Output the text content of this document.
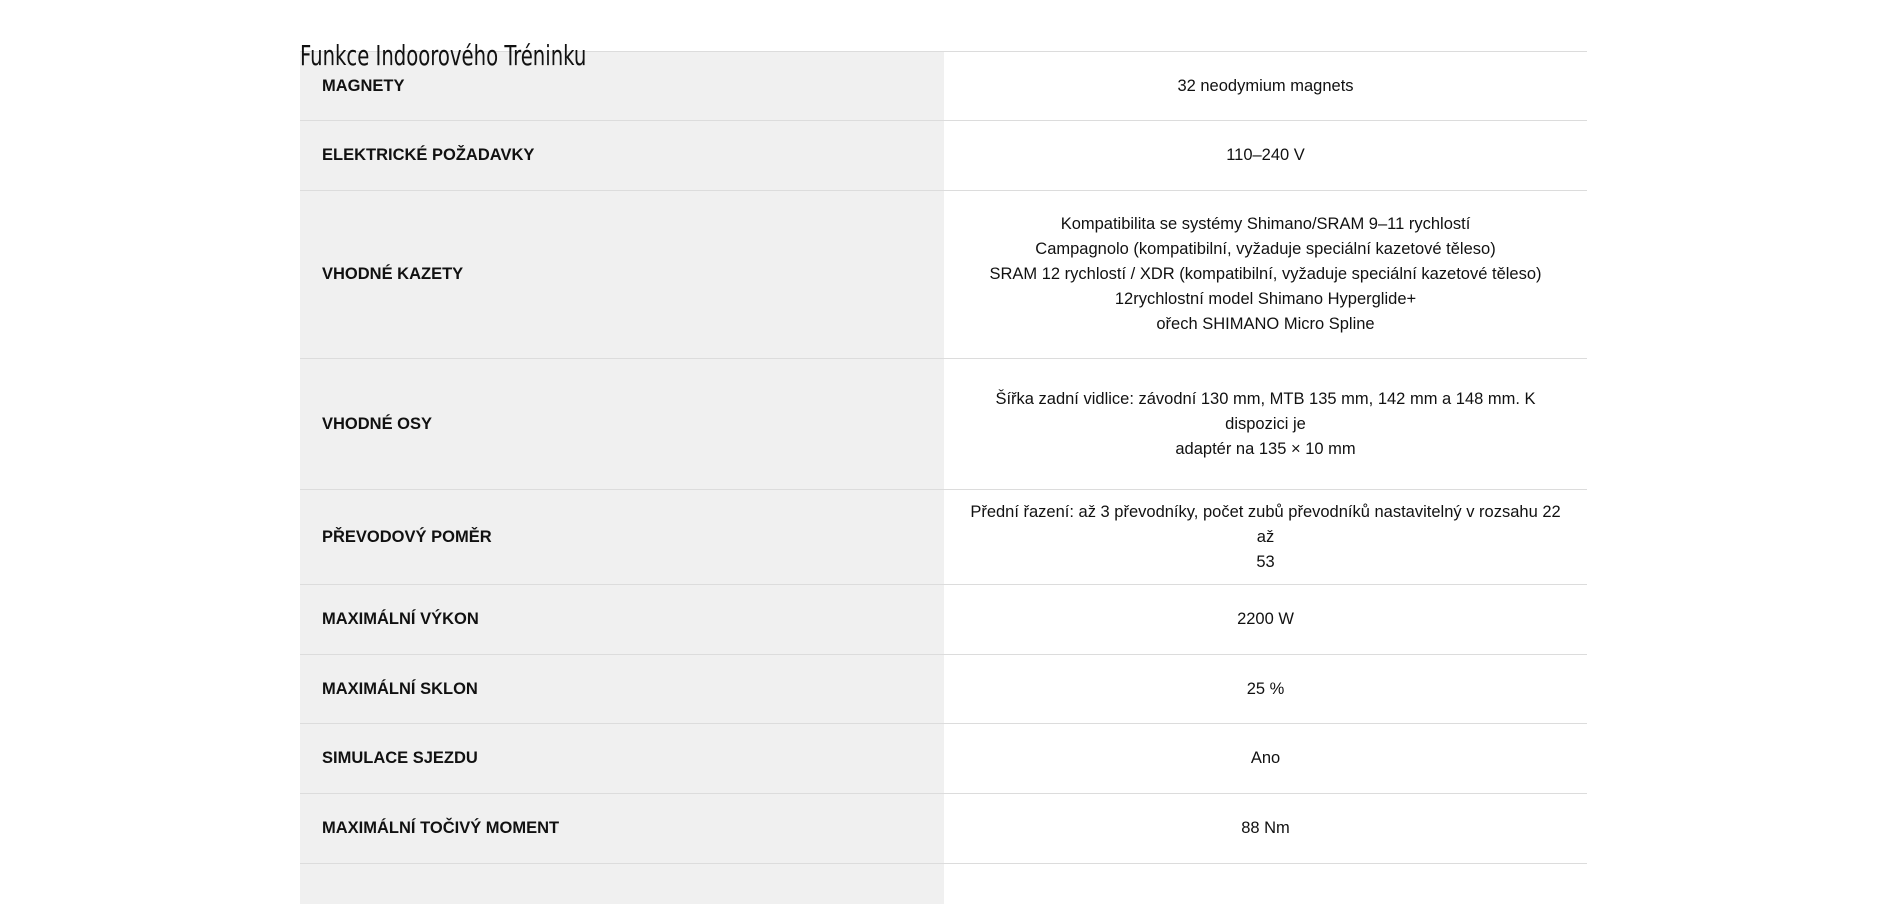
Funkce Indoorového Tréninku
MAGNETY	32 neodymium magnets

ELEKTRICKÉ POŽADAVKY	110–240 V

VHODNÉ KAZETY	Kompatibilita se systémy Shimano/SRAM 9–11 rychlostí
Campagnolo (kompatibilní, vyžaduje speciální kazetové těleso)
SRAM 12 rychlostí / XDR (kompatibilní, vyžaduje speciální kazetové těleso)
12rychlostní model Shimano Hyperglide+
ořech SHIMANO Micro Spline

VHODNÉ OSY	Šířka zadní vidlice: závodní 130 mm, MTB 135 mm, 142 mm a 148 mm. K dispozici je
adaptér na 135 × 10 mm

PŘEVODOVÝ POMĚR	Přední řazení: až 3 převodníky, počet zubů převodníků nastavitelný v rozsahu 22 až
53

MAXIMÁLNÍ VÝKON	2200 W

MAXIMÁLNÍ SKLON	25 %

SIMULACE SJEZDU	Ano

MAXIMÁLNÍ TOČIVÝ MOMENT	88 Nm
